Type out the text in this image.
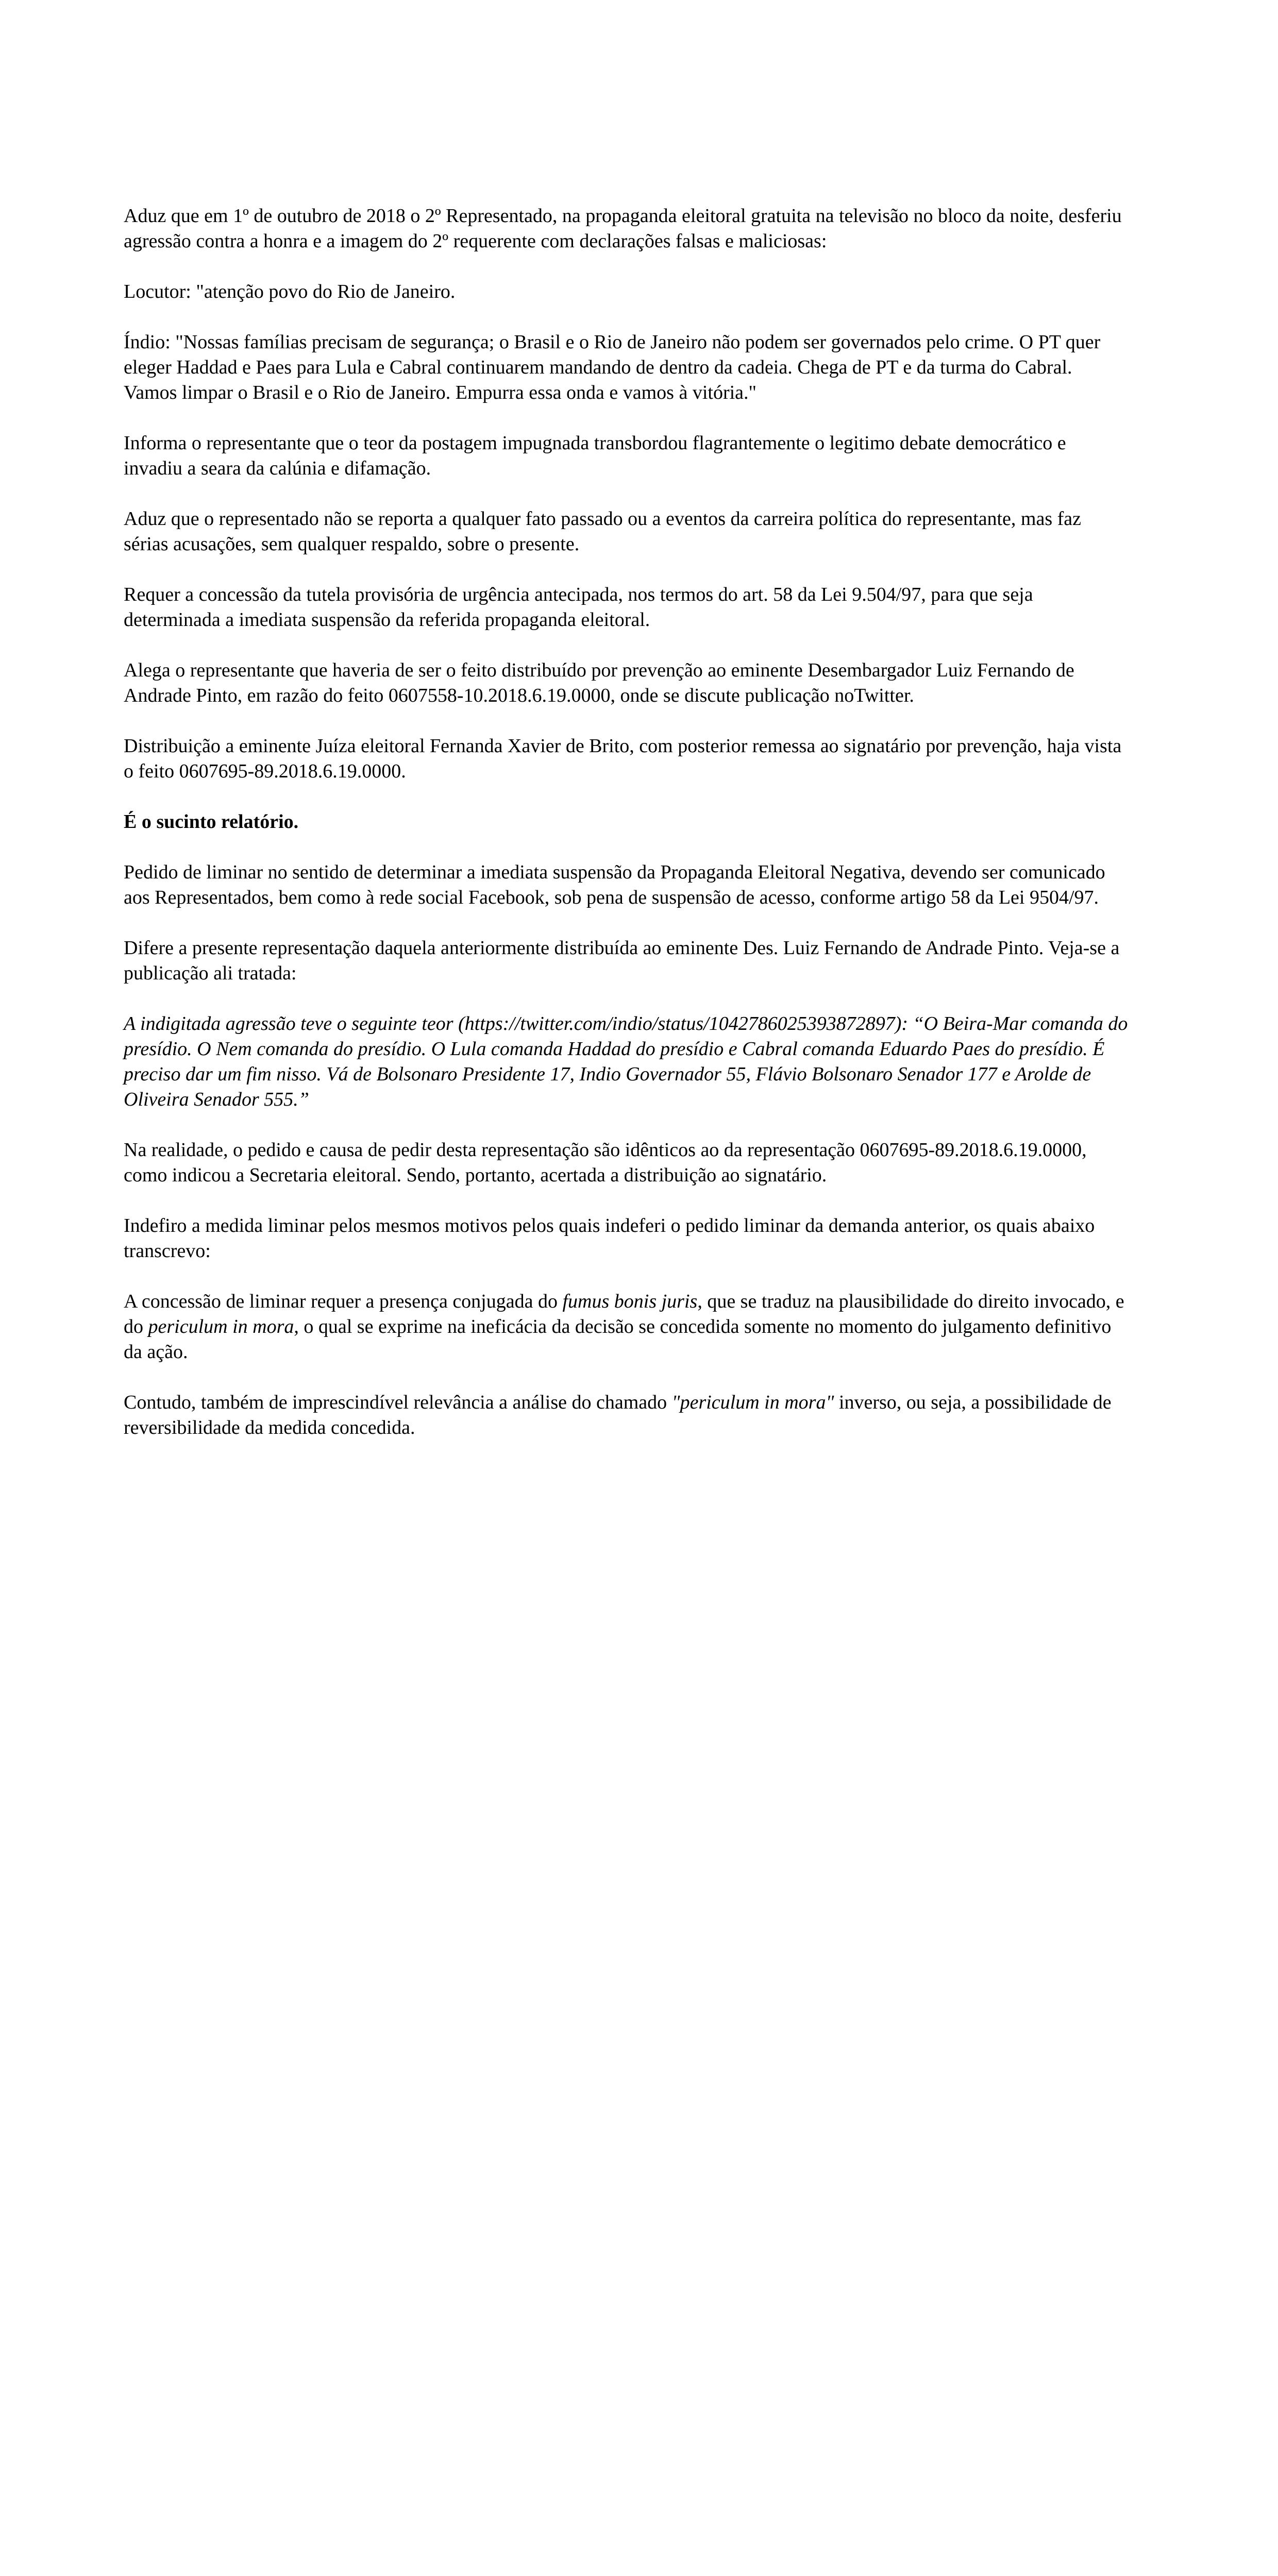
Aduz que em 1º de outubro de 2018 o 2º Representado, na propaganda eleitoral gratuita na televisão no bloco da noite, desferiu agressão contra a honra e a imagem do 2º requerente com declarações falsas e maliciosas:

Locutor: "atenção povo do Rio de Janeiro.

Índio: "Nossas famílias precisam de segurança; o Brasil e o Rio de Janeiro não podem ser governados pelo crime. O PT quer eleger Haddad e Paes para Lula e Cabral continuarem mandando de dentro da cadeia. Chega de PT e da turma do Cabral. Vamos limpar o Brasil e o Rio de Janeiro. Empurra essa onda e vamos à vitória."

Informa o representante que o teor da postagem impugnada transbordou flagrantemente o legitimo debate democrático e invadiu a seara da calúnia e difamação.

Aduz que o representado não se reporta a qualquer fato passado ou a eventos da carreira política do representante, mas faz sérias acusações, sem qualquer respaldo, sobre o presente.

Requer a concessão da tutela provisória de urgência antecipada, nos termos do art. 58 da Lei 9.504/97, para que seja determinada a imediata suspensão da referida propaganda eleitoral.

Alega o representante que haveria de ser o feito distribuído por prevenção ao eminente Desembargador Luiz Fernando de Andrade Pinto, em razão do feito 0607558-10.2018.6.19.0000, onde se discute publicação noTwitter.

Distribuição a eminente Juíza eleitoral Fernanda Xavier de Brito, com posterior remessa ao signatário por prevenção, haja vista o feito 0607695-89.2018.6.19.0000.

É o sucinto relatório.

Pedido de liminar no sentido de determinar a imediata suspensão da Propaganda Eleitoral Negativa, devendo ser comunicado aos Representados, bem como à rede social Facebook, sob pena de suspensão de acesso, conforme artigo 58 da Lei 9504/97.

Difere a presente representação daquela anteriormente distribuída ao eminente Des. Luiz Fernando de Andrade Pinto. Veja-se a publicação ali tratada:

A indigitada agressão teve o seguinte teor (https://twitter.com/indio/status/1042786025393872897): “O Beira-Mar comanda do presídio. O Nem comanda do presídio. O Lula comanda Haddad do presídio e Cabral comanda Eduardo Paes do presídio. É preciso dar um fim nisso. Vá de Bolsonaro Presidente 17, Indio Governador 55, Flávio Bolsonaro Senador 177 e Arolde de Oliveira Senador 555.”

Na realidade, o pedido e causa de pedir desta representação são idênticos ao da representação 0607695-89.2018.6.19.0000, como indicou a Secretaria eleitoral. Sendo, portanto, acertada a distribuição ao signatário.

Indefiro a medida liminar pelos mesmos motivos pelos quais indeferi o pedido liminar da demanda anterior, os quais abaixo transcrevo:

A concessão de liminar requer a presença conjugada do fumus bonis juris, que se traduz na plausibilidade do direito invocado, e do periculum in mora, o qual se exprime na ineficácia da decisão se concedida somente no momento do julgamento definitivo da ação.

Contudo, também de imprescindível relevância a análise do chamado "periculum in mora" inverso, ou seja, a possibilidade de reversibilidade da medida concedida.
